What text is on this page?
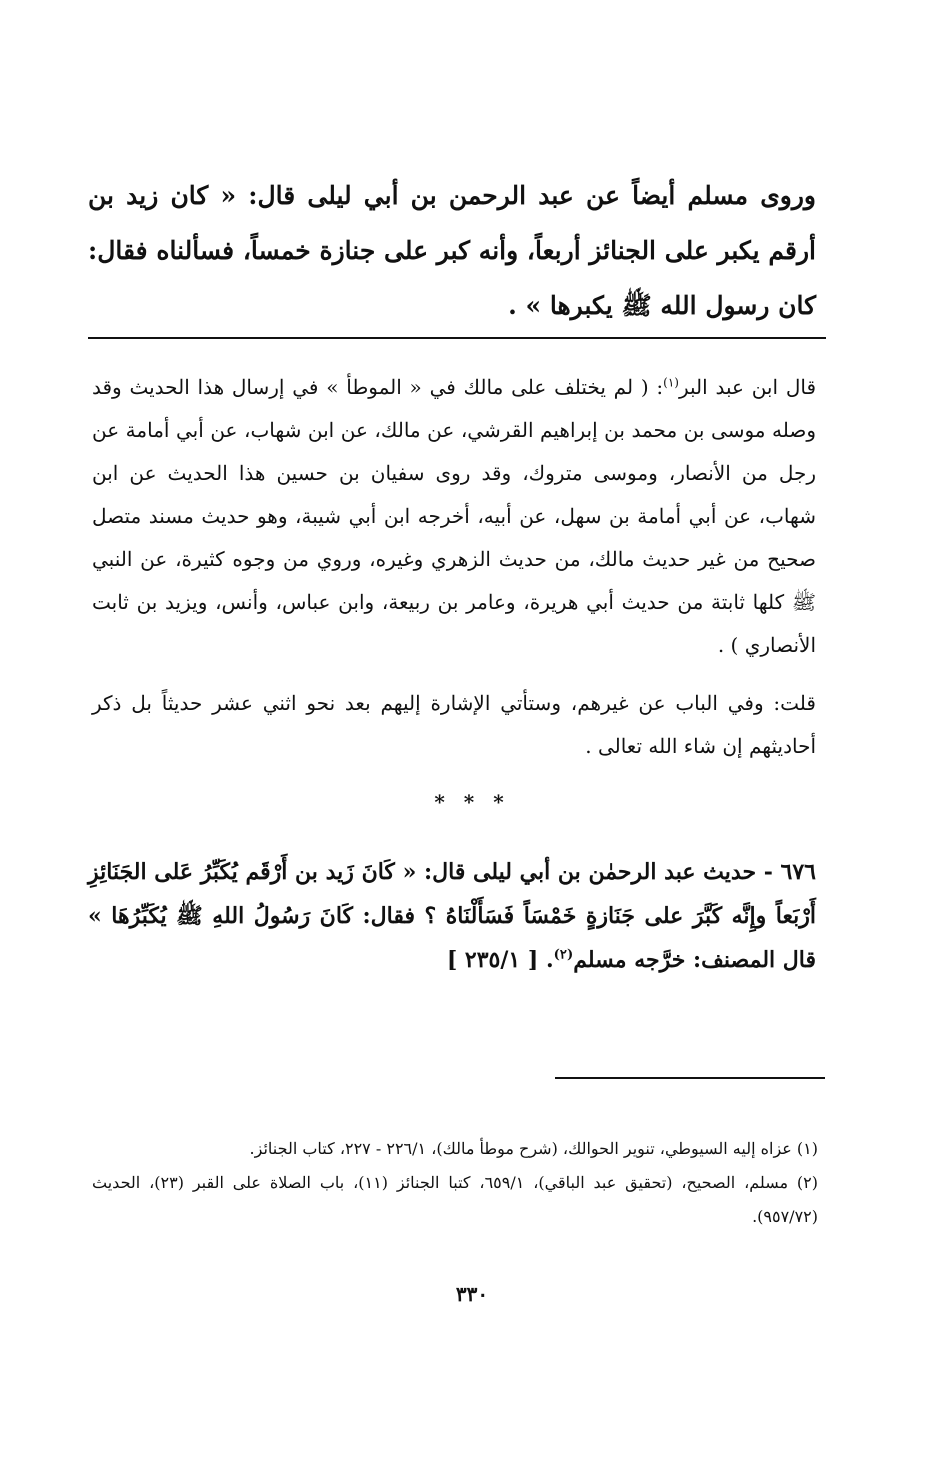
وروى مسلم أيضاً عن عبد الرحمن بن أبي ليلى قال: « كان زيد بن أرقم يكبر على الجنائز أربعاً، وأنه كبر على جنازة خمساً، فسألناه فقال: كان رسول الله ﷺ يكبرها » .

قال ابن عبد البر$^{(١)}$: ( لم يختلف على مالك في « الموطأ » في إرسال هذا الحديث وقد وصله موسى بن محمد بن إبراهيم القرشي، عن مالك، عن ابن شهاب، عن أبي أمامة عن رجل من الأنصار، وموسى متروك، وقد روى سفيان بن حسين هذا الحديث عن ابن شهاب، عن أبي أمامة بن سهل، عن أبيه، أخرجه ابن أبي شيبة، وهو حديث مسند متصل صحيح من غير حديث مالك، من حديث الزهري وغيره، وروي من وجوه كثيرة، عن النبي ﷺ كلها ثابتة من حديث أبي هريرة، وعامر بن ربيعة، وابن عباس، وأنس، ويزيد بن ثابت الأنصاري ) .

قلت: وفي الباب عن غيرهم، وستأتي الإشارة إليهم بعد نحو اثني عشر حديثاً بل ذكر أحاديثهم إن شاء الله تعالى .

* * *

٦٧٦ - حديث عبد الرحمٰن بن أبي ليلى قال: « كَانَ زَيد بن أَرْقَم يُكَبِّرُ عَلى الجَنَائِزِ أَرْبَعاً وإِنَّه كَبَّرَ على جَنَازةٍ خَمْسَاً فَسَأَلْنَاهُ ؟ فقال: كَانَ رَسُولُ اللهِ ﷺ يُكَبِّرُهَا » قال المصنف: خرَّجه مسلم$^{(٢)}$. [ ٢٣٥/١ ]

(١) عزاه إليه السيوطي، تنوير الحوالك، (شرح موطأ مالك)، ٢٢٦/١ - ٢٢٧، كتاب الجنائز.

(٢) مسلم، الصحيح، (تحقيق عبد الباقي)، ٦٥٩/١، كتبا الجنائز (١١)، باب الصلاة على القبر (٢٣)، الحديث (٩٥٧/٧٢).

٣٣٠
